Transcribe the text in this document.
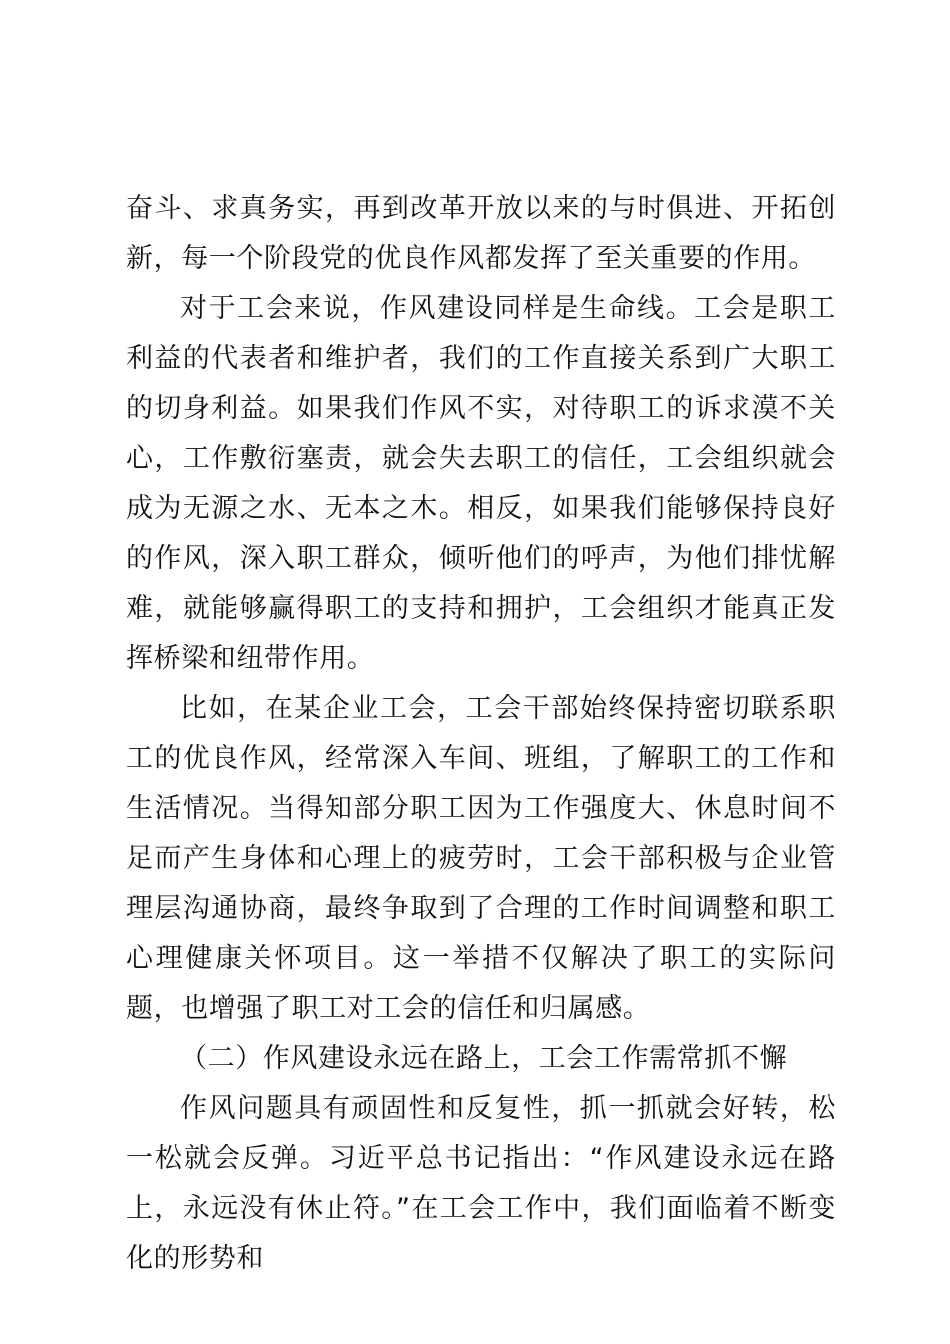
奋斗、求真务实，再到改革开放以来的与时俱进、开拓创新，每一个阶段党的优良作风都发挥了至关重要的作用。

对于工会来说，作风建设同样是生命线。工会是职工利益的代表者和维护者，我们的工作直接关系到广大职工的切身利益。如果我们作风不实，对待职工的诉求漠不关心，工作敷衍塞责，就会失去职工的信任，工会组织就会成为无源之水、无本之木。相反，如果我们能够保持良好的作风，深入职工群众，倾听他们的呼声，为他们排忧解难，就能够赢得职工的支持和拥护，工会组织才能真正发挥桥梁和纽带作用。

比如，在某企业工会，工会干部始终保持密切联系职工的优良作风，经常深入车间、班组，了解职工的工作和生活情况。当得知部分职工因为工作强度大、休息时间不足而产生身体和心理上的疲劳时，工会干部积极与企业管理层沟通协商，最终争取到了合理的工作时间调整和职工心理健康关怀项目。这一举措不仅解决了职工的实际问题，也增强了职工对工会的信任和归属感。

（二）作风建设永远在路上，工会工作需常抓不懈

作风问题具有顽固性和反复性，抓一抓就会好转，松一松就会反弹。习近平总书记指出：“作风建设永远在路上，永远没有休止符。”在工会工作中，我们面临着不断变化的形势和
